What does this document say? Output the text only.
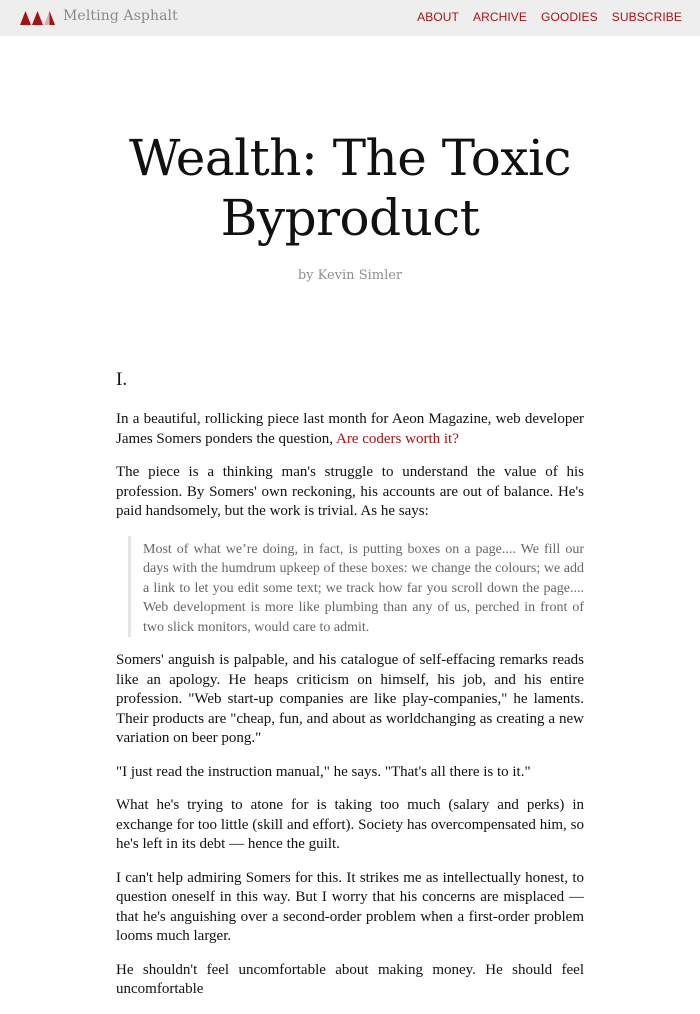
Melting Asphalt	ABOUT ARCHIVE GOODIES SUBSCRIBE
Wealth: The Toxic Byproduct
by Kevin Simler
I.

In a beautiful, rollicking piece last month for Aeon Magazine, web developer James Somers ponders the question, Are coders worth it?

The piece is a thinking man's struggle to understand the value of his profession. By Somers' own reckoning, his accounts are out of balance. He's paid handsomely, but the work is trivial. As he says:

Most of what we’re doing, in fact, is putting boxes on a page.... We fill our days with the humdrum upkeep of these boxes: we change the colours; we add a link to let you edit some text; we track how far you scroll down the page.... Web development is more like plumbing than any of us, perched in front of two slick monitors, would care to admit.

Somers' anguish is palpable, and his catalogue of self-effacing remarks reads like an apology. He heaps criticism on himself, his job, and his entire profession. "Web start-up companies are like play-companies," he laments. Their products are "cheap, fun, and about as worldchanging as creating a new variation on beer pong."

"I just read the instruction manual," he says. "That's all there is to it."

What he's trying to atone for is taking too much (salary and perks) in exchange for too little (skill and effort). Society has overcompensated him, so he's left in its debt — hence the guilt.

I can't help admiring Somers for this. It strikes me as intellectually honest, to question oneself in this way. But I worry that his concerns are misplaced — that he's anguishing over a second-order problem when a first-order problem looms much larger.

He shouldn't feel uncomfortable about making money. He should feel uncomfortable
